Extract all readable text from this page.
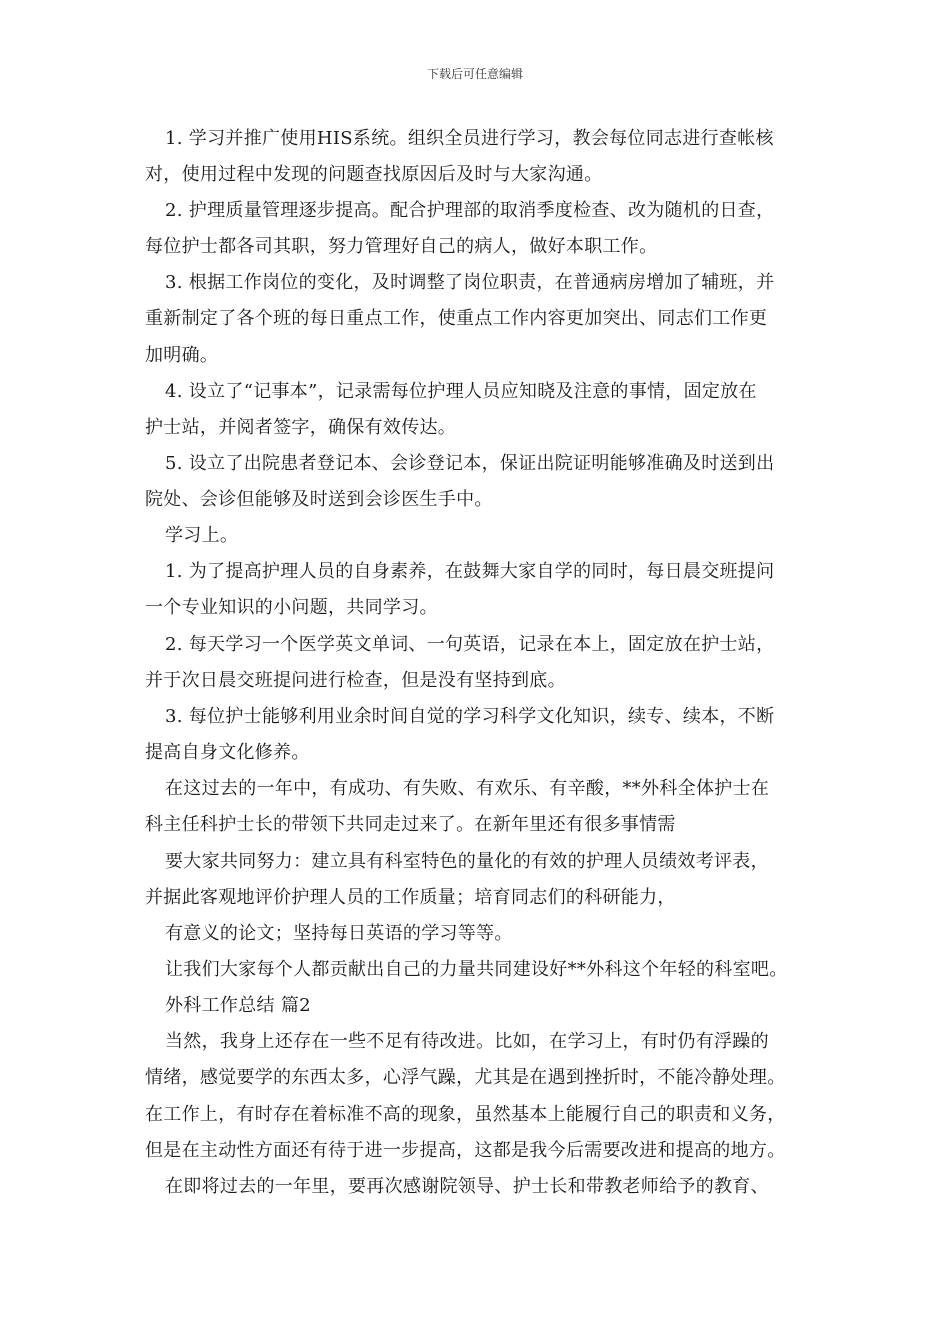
下载后可任意编辑
1. 学习并推广使用HIS系统。组织全员进行学习，教会每位同志进行查帐核
对，使用过程中发现的问题查找原因后及时与大家沟通。
2. 护理质量管理逐步提高。配合护理部的取消季度检查、改为随机的日查，
每位护士都各司其职，努力管理好自己的病人，做好本职工作。
3. 根据工作岗位的变化，及时调整了岗位职责，在普通病房增加了辅班，并
重新制定了各个班的每日重点工作，使重点工作内容更加突出、同志们工作更
加明确。
4. 设立了“记事本”，记录需每位护理人员应知晓及注意的事情，固定放在
护士站，并阅者签字，确保有效传达。
5. 设立了出院患者登记本、会诊登记本，保证出院证明能够准确及时送到出
院处、会诊但能够及时送到会诊医生手中。
学习上。
1. 为了提高护理人员的自身素养，在鼓舞大家自学的同时，每日晨交班提问
一个专业知识的小问题，共同学习。
2. 每天学习一个医学英文单词、一句英语，记录在本上，固定放在护士站，
并于次日晨交班提问进行检查，但是没有坚持到底。
3. 每位护士能够利用业余时间自觉的学习科学文化知识，续专、续本，不断
提高自身文化修养。
在这过去的一年中，有成功、有失败、有欢乐、有辛酸，**外科全体护士在
科主任科护士长的带领下共同走过来了。在新年里还有很多事情需
要大家共同努力：建立具有科室特色的量化的有效的护理人员绩效考评表，
并据此客观地评价护理人员的工作质量；培育同志们的科研能力，
有意义的论文；坚持每日英语的学习等等。
让我们大家每个人都贡献出自己的力量共同建设好**外科这个年轻的科室吧。
外科工作总结 篇2
当然，我身上还存在一些不足有待改进。比如，在学习上，有时仍有浮躁的
情绪，感觉要学的东西太多，心浮气躁，尤其是在遇到挫折时，不能冷静处理。
在工作上，有时存在着标准不高的现象，虽然基本上能履行自己的职责和义务，
但是在主动性方面还有待于进一步提高，这都是我今后需要改进和提高的地方。
在即将过去的一年里，要再次感谢院领导、护士长和带教老师给予的教育、
